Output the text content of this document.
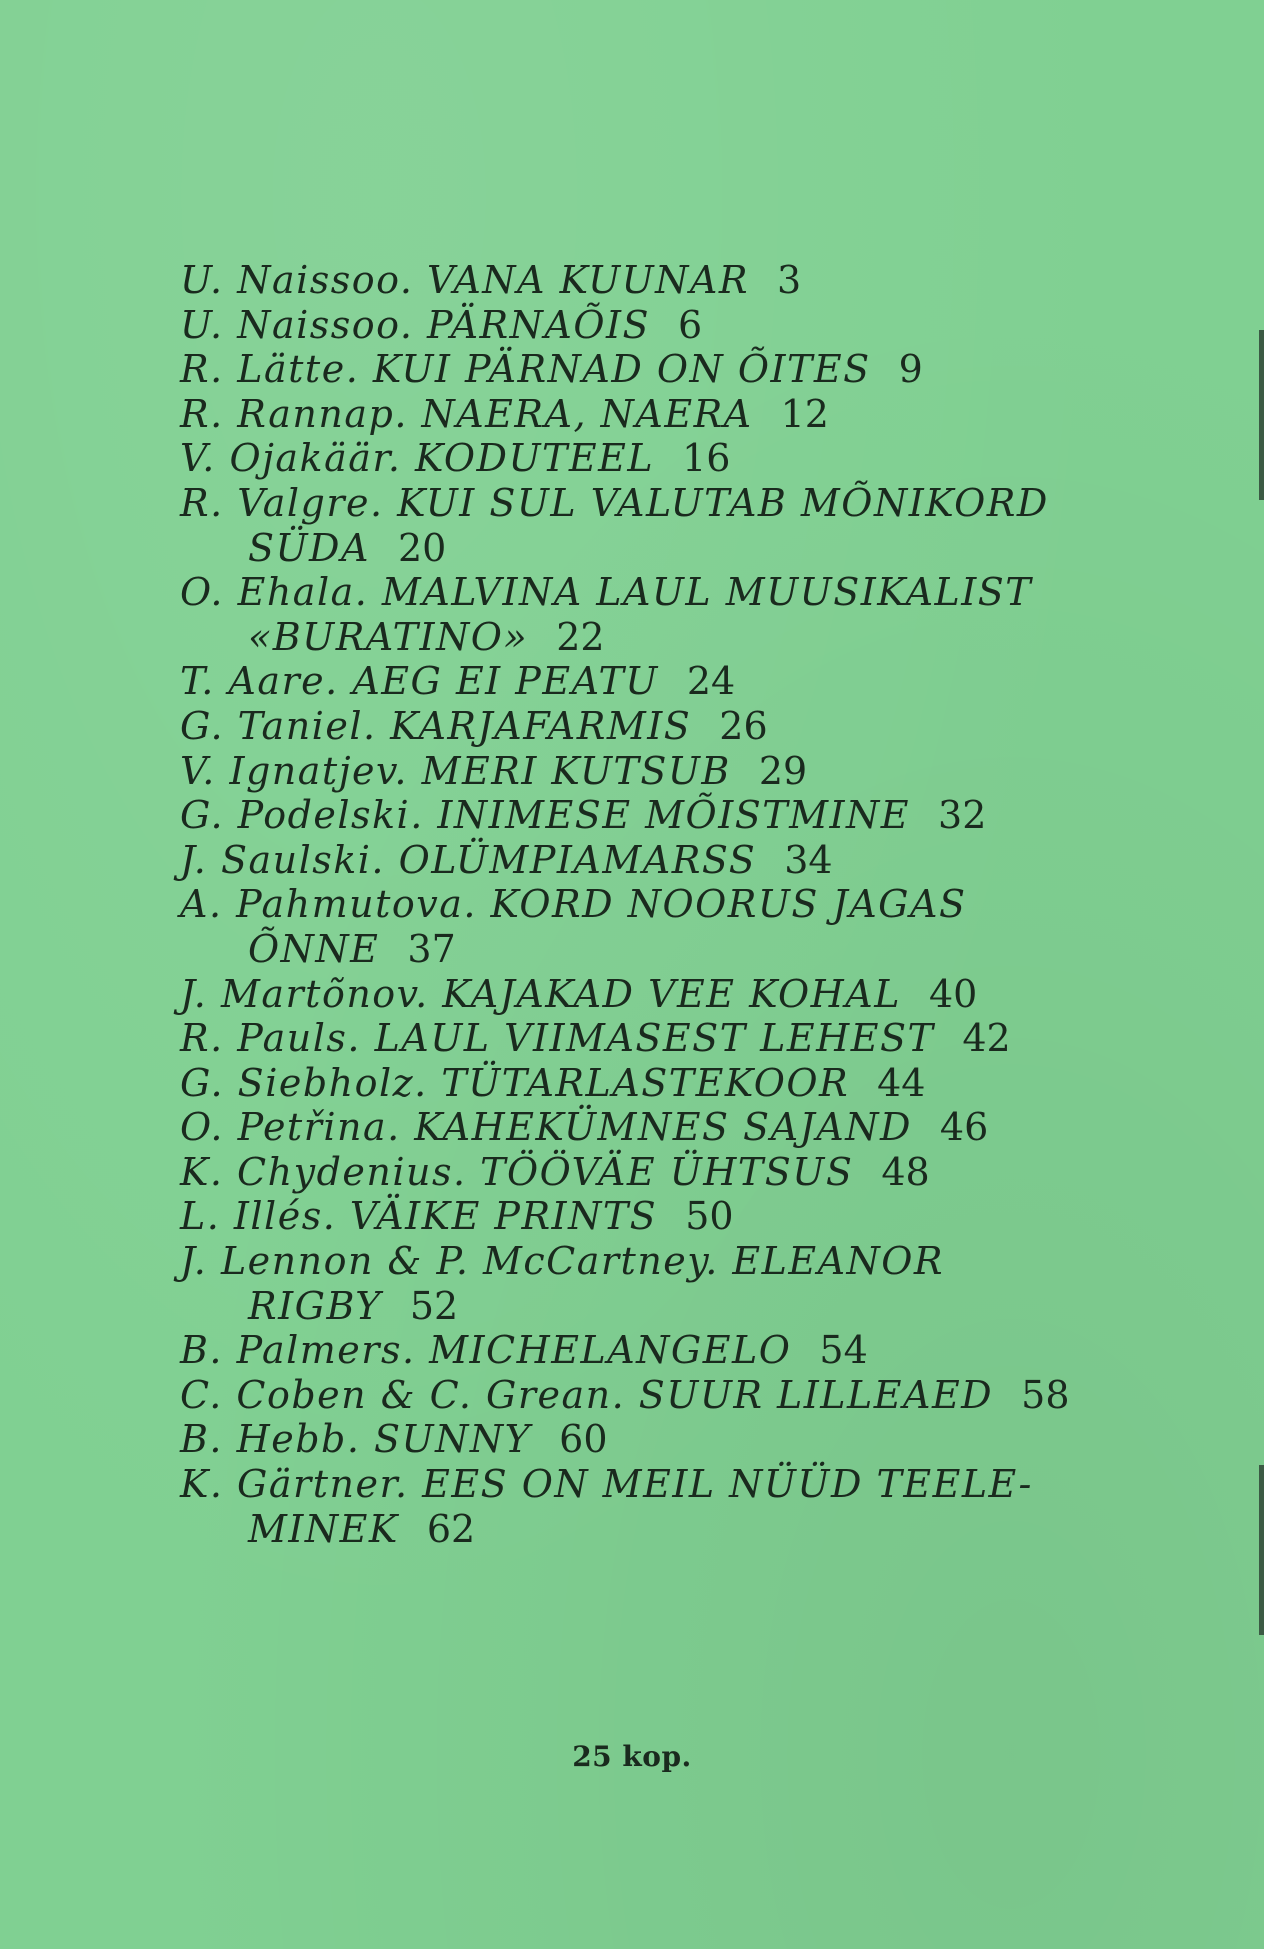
U. Naissoo. VANA KUUNAR 3
U. Naissoo. PÄRNAÕIS 6
R. Lätte. KUI PÄRNAD ON ÕITES 9
R. Rannap. NAERA, NAERA 12
V. Ojakäär. KODUTEEL 16
R. Valgre. KUI SUL VALUTAB MÕNIKORD
SÜDA 20
O. Ehala. MALVINA LAUL MUUSIKALIST
«BURATINO» 22
T. Aare. AEG EI PEATU 24
G. Taniel. KARJAFARMIS 26
V. Ignatjev. MERI KUTSUB 29
G. Podelski. INIMESE MÕISTMINE 32
J. Saulski. OLÜMPIAMARSS 34
A. Pahmutova. KORD NOORUS JAGAS
ÕNNE 37
J. Martõnov. KAJAKAD VEE KOHAL 40
R. Pauls. LAUL VIIMASEST LEHEST 42
G. Siebholz. TÜTARLASTEKOOR 44
O. Petřina. KAHEKÜMNES SAJAND 46
K. Chydenius. TÖÖVÄE ÜHTSUS 48
L. Illés. VÄIKE PRINTS 50
J. Lennon & P. McCartney. ELEANOR
RIGBY 52
B. Palmers. MICHELANGELO 54
C. Coben & C. Grean. SUUR LILLEAED 58
B. Hebb. SUNNY 60
K. Gärtner. EES ON MEIL NÜÜD TEELE-
MINEK 62
25 kop.
